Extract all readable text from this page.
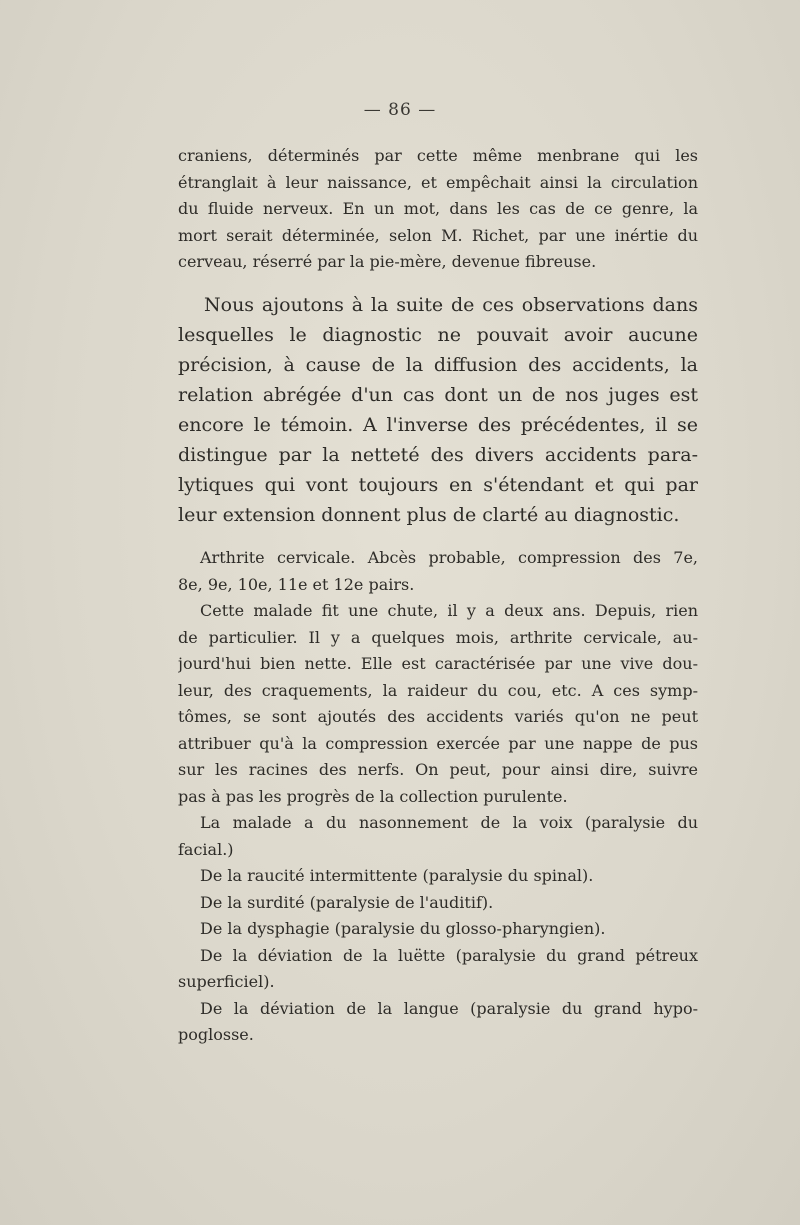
— 86 —
craniens, déterminés par cette même menbrane qui les
étranglait à leur naissance, et empêchait ainsi la circulation
du fluide nerveux. En un mot, dans les cas de ce genre, la
mort serait déterminée, selon M. Richet, par une inértie du
cerveau, réserré par la pie-mère, devenue fibreuse.
Nous ajoutons à la suite de ces observations dans
lesquelles le diagnostic ne pouvait avoir aucune
précision, à cause de la diffusion des accidents, la
relation abrégée d'un cas dont un de nos juges est
encore le témoin. A l'inverse des précédentes, il se
distingue par la netteté des divers accidents para-
lytiques qui vont toujours en s'étendant et qui par
leur extension donnent plus de clarté au diagnostic.
Arthrite cervicale. Abcès probable, compression des 7e,
8e, 9e, 10e, 11e et 12e pairs.
Cette malade fit une chute, il y a deux ans. Depuis, rien
de particulier. Il y a quelques mois, arthrite cervicale, au-
jourd'hui bien nette. Elle est caractérisée par une vive dou-
leur, des craquements, la raideur du cou, etc. A ces symp-
tômes, se sont ajoutés des accidents variés qu'on ne peut
attribuer qu'à la compression exercée par une nappe de pus
sur les racines des nerfs. On peut, pour ainsi dire, suivre
pas à pas les progrès de la collection purulente.
La malade a du nasonnement de la voix (paralysie du
facial.)
De la raucité intermittente (paralysie du spinal).
De la surdité (paralysie de l'auditif).
De la dysphagie (paralysie du glosso-pharyngien).
De la déviation de la luëtte (paralysie du grand pétreux
superficiel).
De la déviation de la langue (paralysie du grand hypo-
poglosse.
